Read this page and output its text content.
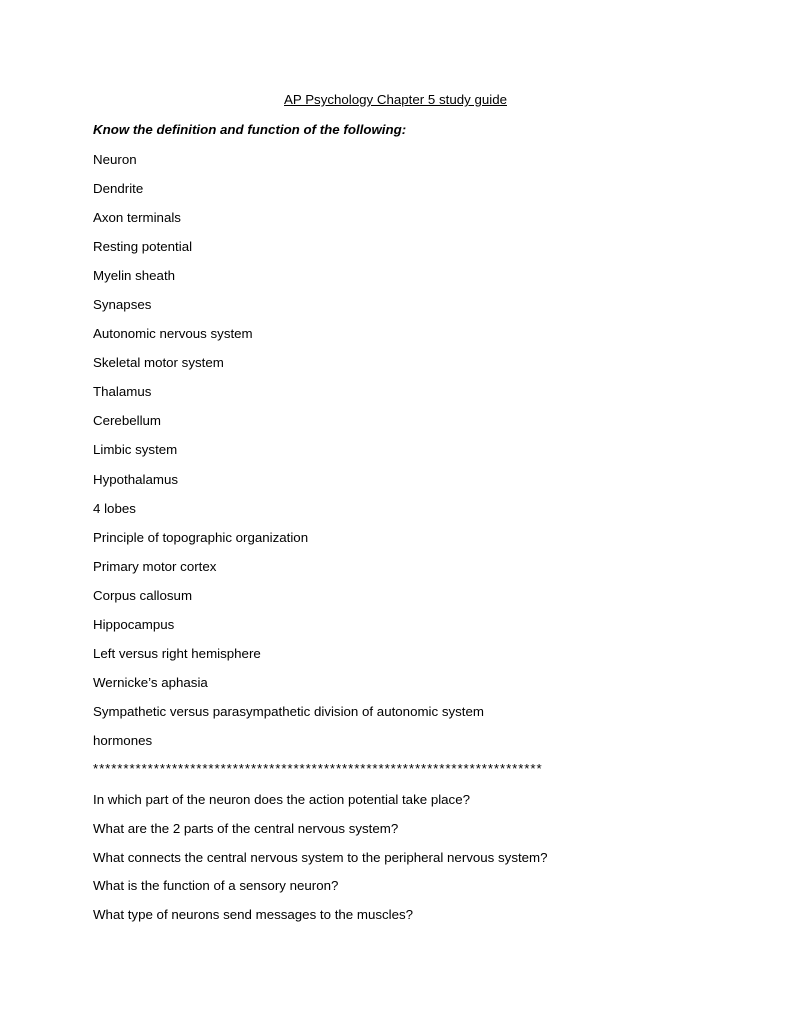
AP Psychology Chapter 5 study guide
Know the definition and function of the following:
Neuron
Dendrite
Axon terminals
Resting potential
Myelin sheath
Synapses
Autonomic nervous system
Skeletal motor system
Thalamus
Cerebellum
Limbic system
Hypothalamus
4 lobes
Principle of topographic organization
Primary motor cortex
Corpus callosum
Hippocampus
Left versus right hemisphere
Wernicke’s aphasia
Sympathetic versus parasympathetic division of autonomic system
hormones
**************************************************************************
In which part of the neuron does the action potential take place?
What are the 2 parts of the central nervous system?
What connects the central nervous system to the peripheral nervous system?
What is the function of a sensory neuron?
What type of neurons send messages to the muscles?
